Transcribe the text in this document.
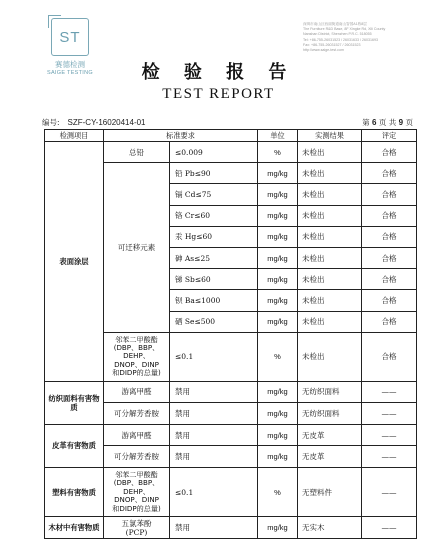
ST
赛德检测
SAIGE TESTING
深圳市南山区西丽街道南山智园A1栋8层
The Furniture R&D Base, 8F Xingke Rd, Xili County
Nanshan District, Shenzhen P.R.C. 518055
Tel: +86-755-26031523 / 26031633 / 26031693
Fax: +86-755-26031527 / 26031523
http://www.saige-test.com
检 验 报 告
TEST REPORT
编号: SZF-CY-16020414-01	第 6 页 共 9 页
检测项目	标准要求		单位	实测结果	评定
表面涂层	总铅	≤0.009	%	未检出	合格
	可迁移元素	铅 Pb≤90	mg/kg	未检出	合格
		镉 Cd≤75	mg/kg	未检出	合格
		铬 Cr≤60	mg/kg	未检出	合格
		汞 Hg≤60	mg/kg	未检出	合格
		砷 As≤25	mg/kg	未检出	合格
		锑 Sb≤60	mg/kg	未检出	合格
		钡 Ba≤1000	mg/kg	未检出	合格
		硒 Se≤500	mg/kg	未检出	合格

	邻苯二甲酸酯
(DBP、BBP、
DEHP、
DNOP、DINP
和DIDP的总量)	≤0.1	%	未检出	合格
纺织面料有害物质	游离甲醛	禁用	mg/kg	无纺织面料	——
	可分解芳香胺	禁用	mg/kg	无纺织面料	——
皮革有害物质	游离甲醛	禁用	mg/kg	无皮革	——
	可分解芳香胺	禁用	mg/kg	无皮革	——
塑料有害物质	邻苯二甲酸酯
(DBP、BBP、
DEHP、
DNOP、DINP
和DIDP的总量)	≤0.1	%	无塑料件	——
木材中有害物质	五氯苯酚
(PCP)	禁用	mg/kg	无实木	——
